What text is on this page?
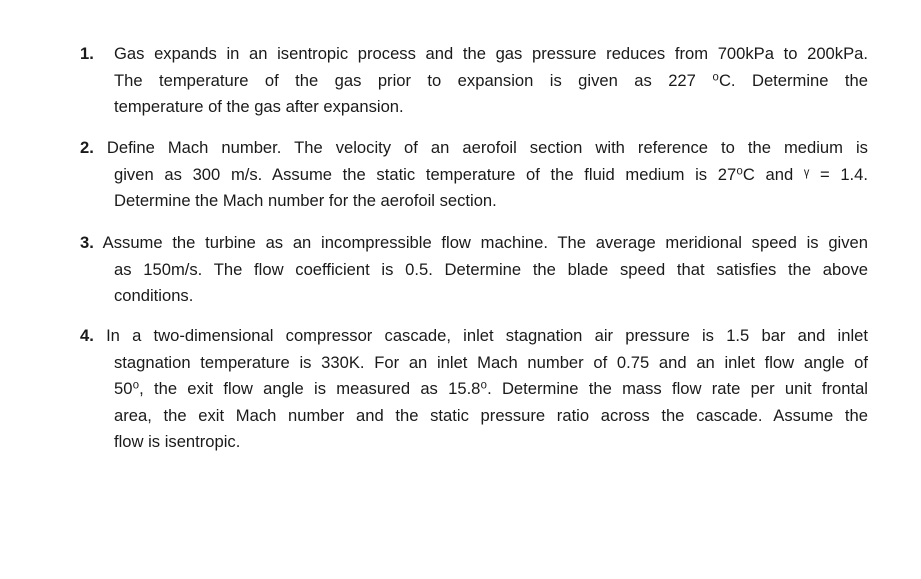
1. Gas expands in an isentropic process and the gas pressure reduces from 700kPa to 200kPa.
The temperature of the gas prior to expansion is given as 227 ⁰C. Determine the
temperature of the gas after expansion.
2. Define Mach number. The velocity of an aerofoil section with reference to the medium is
given as 300 m/s. Assume the static temperature of the fluid medium is 27⁰C and ᵞ = 1.4.
Determine the Mach number for the aerofoil section.
3. Assume the turbine as an incompressible flow machine. The average meridional speed is given
as 150m/s. The flow coefficient is 0.5. Determine the blade speed that satisfies the above
conditions.
4. In a two-dimensional compressor cascade, inlet stagnation air pressure is 1.5 bar and inlet
stagnation temperature is 330K. For an inlet Mach number of 0.75 and an inlet flow angle of
50⁰, the exit flow angle is measured as 15.8⁰. Determine the mass flow rate per unit frontal
area, the exit Mach number and the static pressure ratio across the cascade. Assume the
flow is isentropic.
